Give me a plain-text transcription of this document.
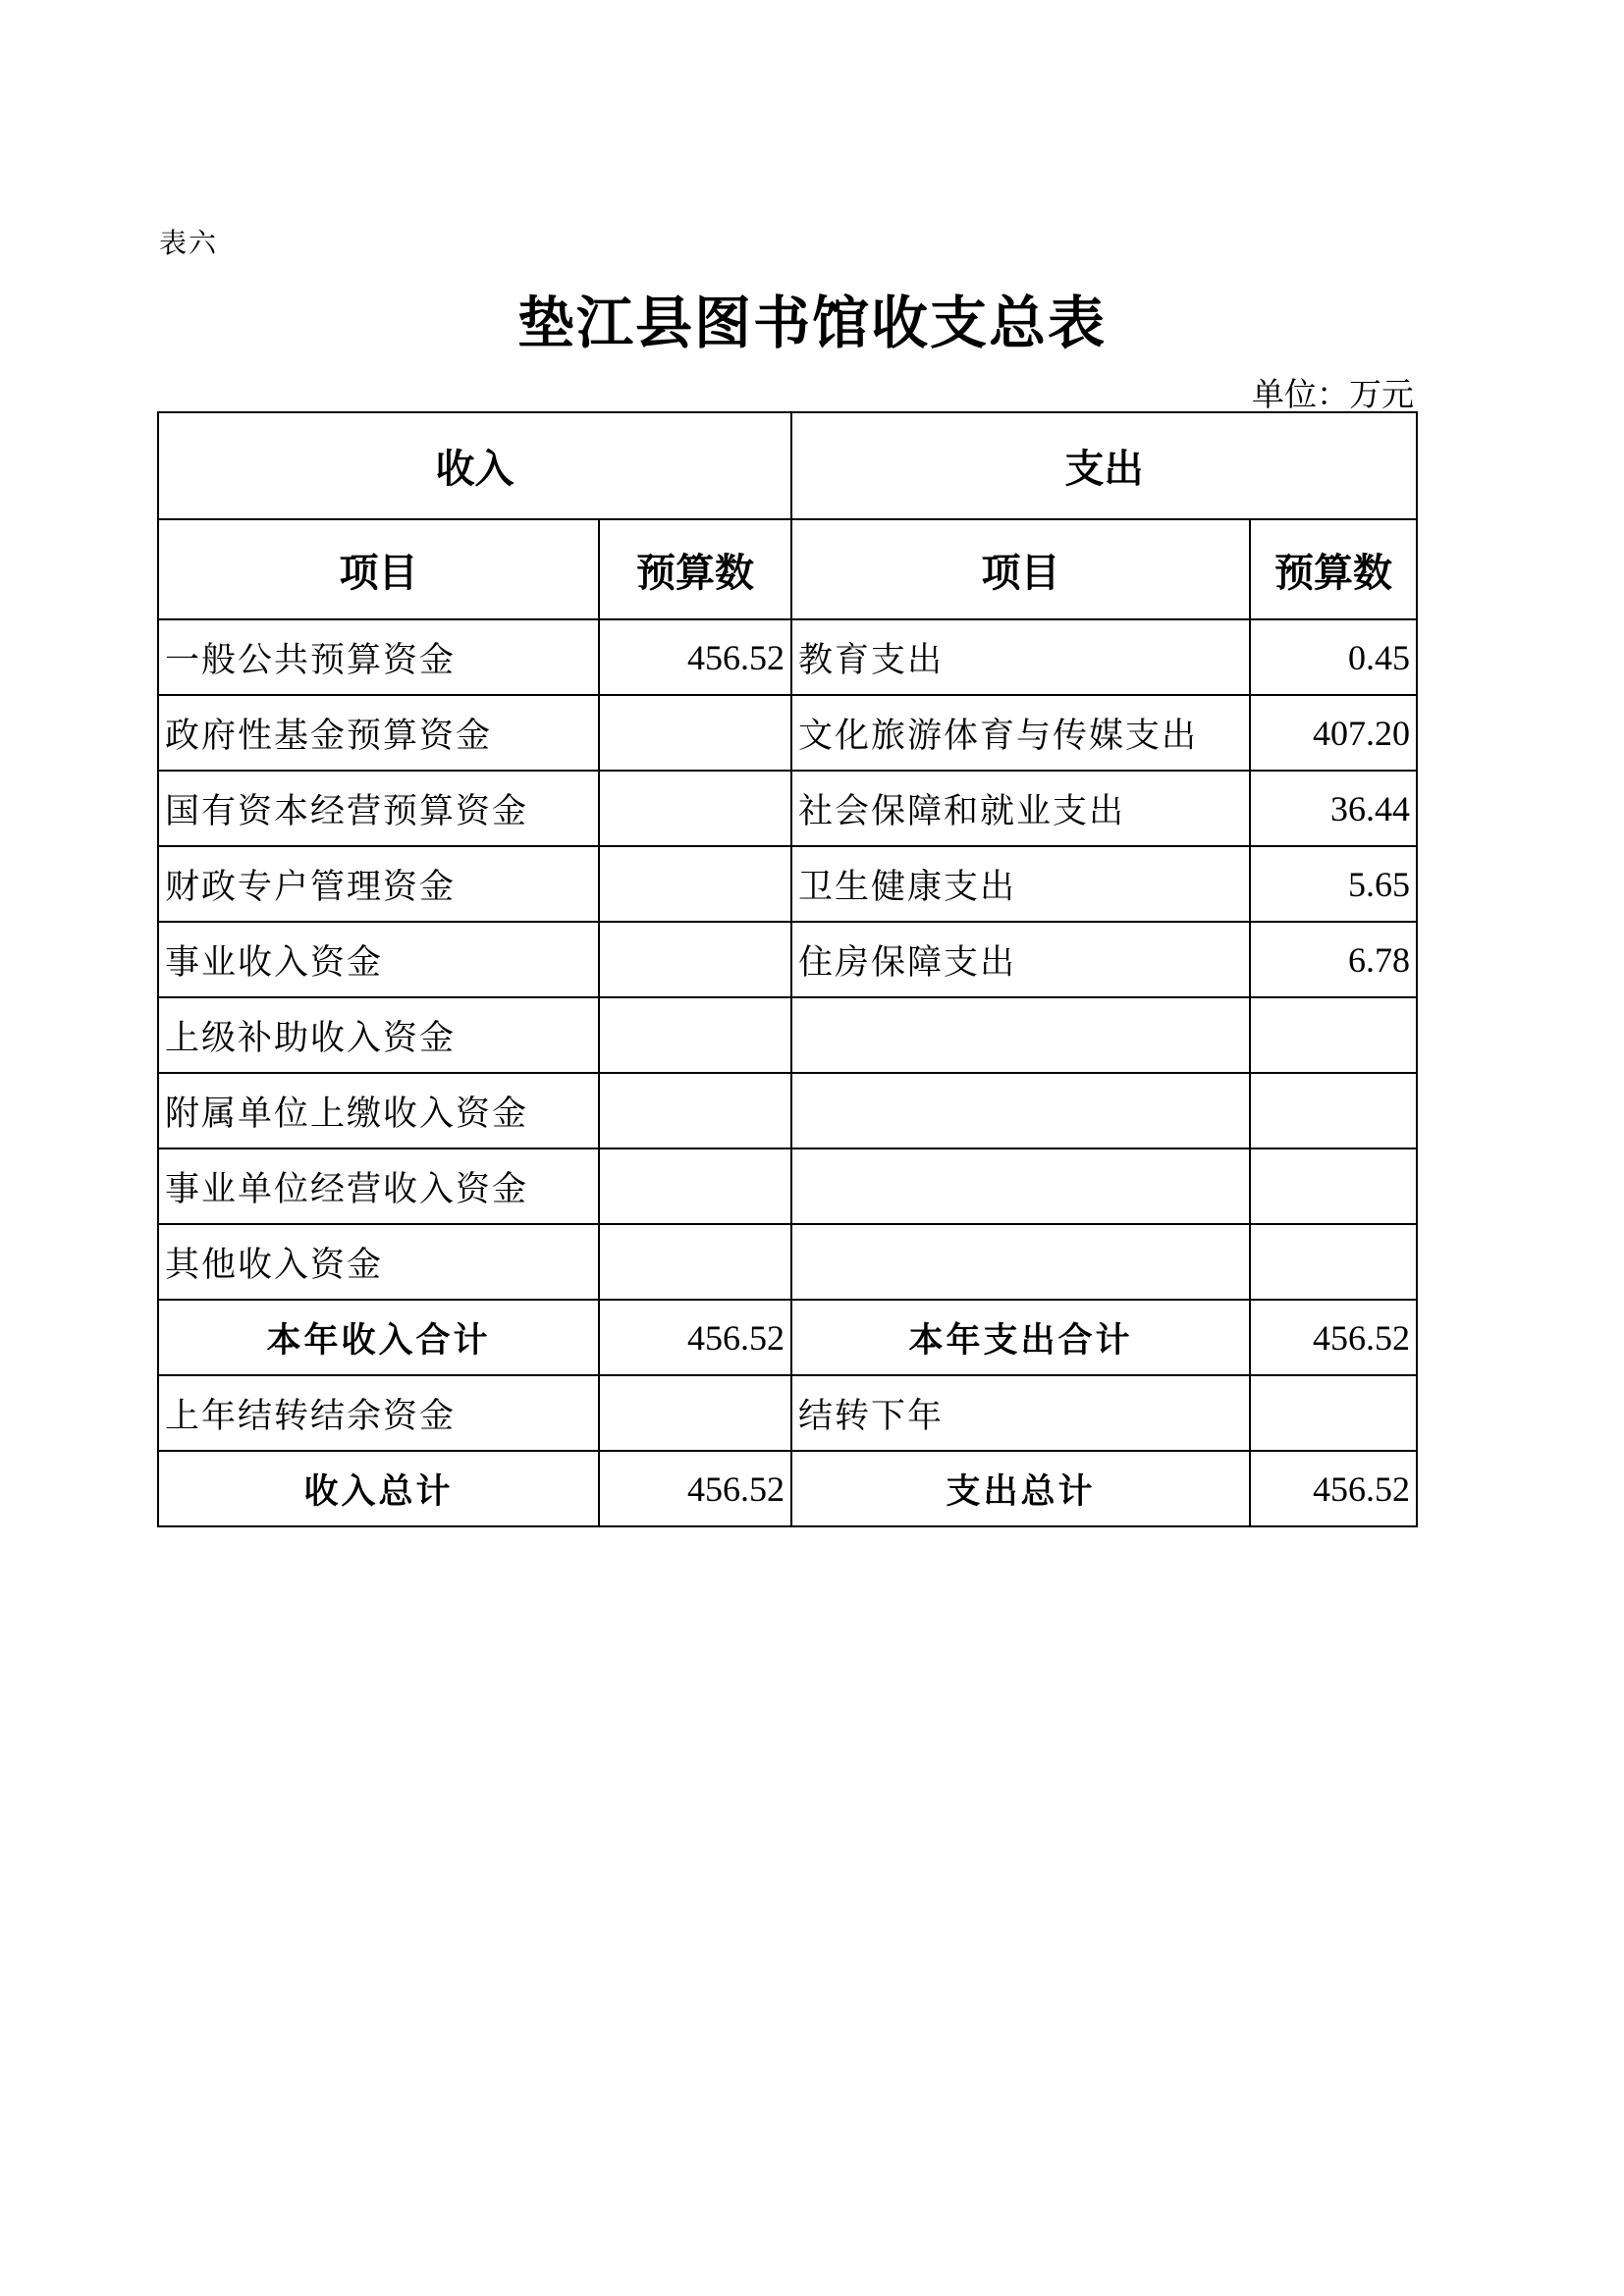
表六
垫江县图书馆收支总表
单位：万元
收入		支出	
项目	预算数	项目	预算数
一般公共预算资金	456.52	教育支出	0.45
政府性基金预算资金		文化旅游体育与传媒支出	407.20
国有资本经营预算资金		社会保障和就业支出	36.44
财政专户管理资金		卫生健康支出	5.65
事业收入资金		住房保障支出	6.78
上级补助收入资金			
附属单位上缴收入资金			
事业单位经营收入资金			
其他收入资金			
本年收入合计	456.52	本年支出合计	456.52
上年结转结余资金		结转下年	
收入总计	456.52	支出总计	456.52
